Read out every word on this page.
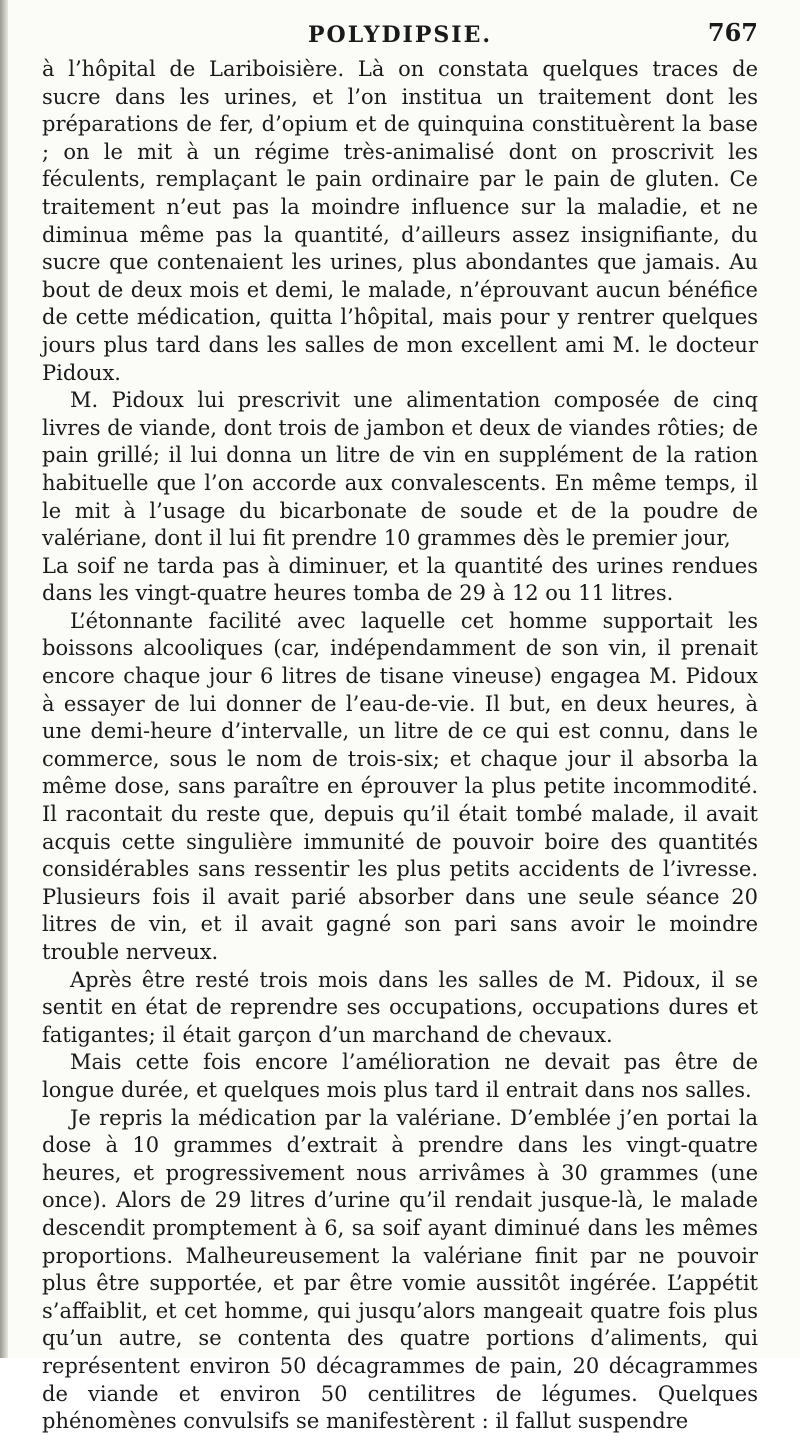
POLYDIPSIE.	767

à l’hôpital de Lariboisière. Là on constata quelques traces de sucre dans les urines, et l’on institua un traitement dont les préparations de fer, d’opium et de quinquina constituèrent la base ; on le mit à un régime très-animalisé dont on proscrivit les féculents, remplaçant le pain ordinaire par le pain de gluten. Ce traitement n’eut pas la moindre influence sur la maladie, et ne diminua même pas la quantité, d’ailleurs assez insignifiante, du sucre que contenaient les urines, plus abondantes que jamais. Au bout de deux mois et demi, le malade, n’éprouvant aucun bénéfice de cette médication, quitta l’hôpital, mais pour y rentrer quelques jours plus tard dans les salles de mon excellent ami M. le docteur Pidoux.

M. Pidoux lui prescrivit une alimentation composée de cinq livres de viande, dont trois de jambon et deux de viandes rôties; de pain grillé; il lui donna un litre de vin en supplément de la ration habituelle que l’on accorde aux convalescents. En même temps, il le mit à l’usage du bicarbonate de soude et de la poudre de valériane, dont il lui fit prendre 10 grammes dès le premier jour,

La soif ne tarda pas à diminuer, et la quantité des urines rendues dans les vingt-quatre heures tomba de 29 à 12 ou 11 litres.

L’étonnante facilité avec laquelle cet homme supportait les boissons alcooliques (car, indépendamment de son vin, il prenait encore chaque jour 6 litres de tisane vineuse) engagea M. Pidoux à essayer de lui donner de l’eau-de-vie. Il but, en deux heures, à une demi-heure d’intervalle, un litre de ce qui est connu, dans le commerce, sous le nom de trois-six; et chaque jour il absorba la même dose, sans paraître en éprouver la plus petite incommodité. Il racontait du reste que, depuis qu’il était tombé malade, il avait acquis cette singulière immunité de pouvoir boire des quantités considérables sans ressentir les plus petits accidents de l’ivresse. Plusieurs fois il avait parié absorber dans une seule séance 20 litres de vin, et il avait gagné son pari sans avoir le moindre trouble nerveux.

Après être resté trois mois dans les salles de M. Pidoux, il se sentit en état de reprendre ses occupations, occupations dures et fatigantes; il était garçon d’un marchand de chevaux.

Mais cette fois encore l’amélioration ne devait pas être de longue durée, et quelques mois plus tard il entrait dans nos salles.

Je repris la médication par la valériane. D’emblée j’en portai la dose à 10 grammes d’extrait à prendre dans les vingt-quatre heures, et progressivement nous arrivâmes à 30 grammes (une once). Alors de 29 litres d’urine qu’il rendait jusque-là, le malade descendit promptement à 6, sa soif ayant diminué dans les mêmes proportions. Malheureusement la valériane finit par ne pouvoir plus être supportée, et par être vomie aussitôt ingérée. L’appétit s’affaiblit, et cet homme, qui jusqu’alors mangeait quatre fois plus qu’un autre, se contenta des quatre portions d’aliments, qui représentent environ 50 décagrammes de pain, 20 décagrammes de viande et environ 50 centilitres de légumes. Quelques phénomènes convulsifs se manifestèrent : il fallut suspendre
